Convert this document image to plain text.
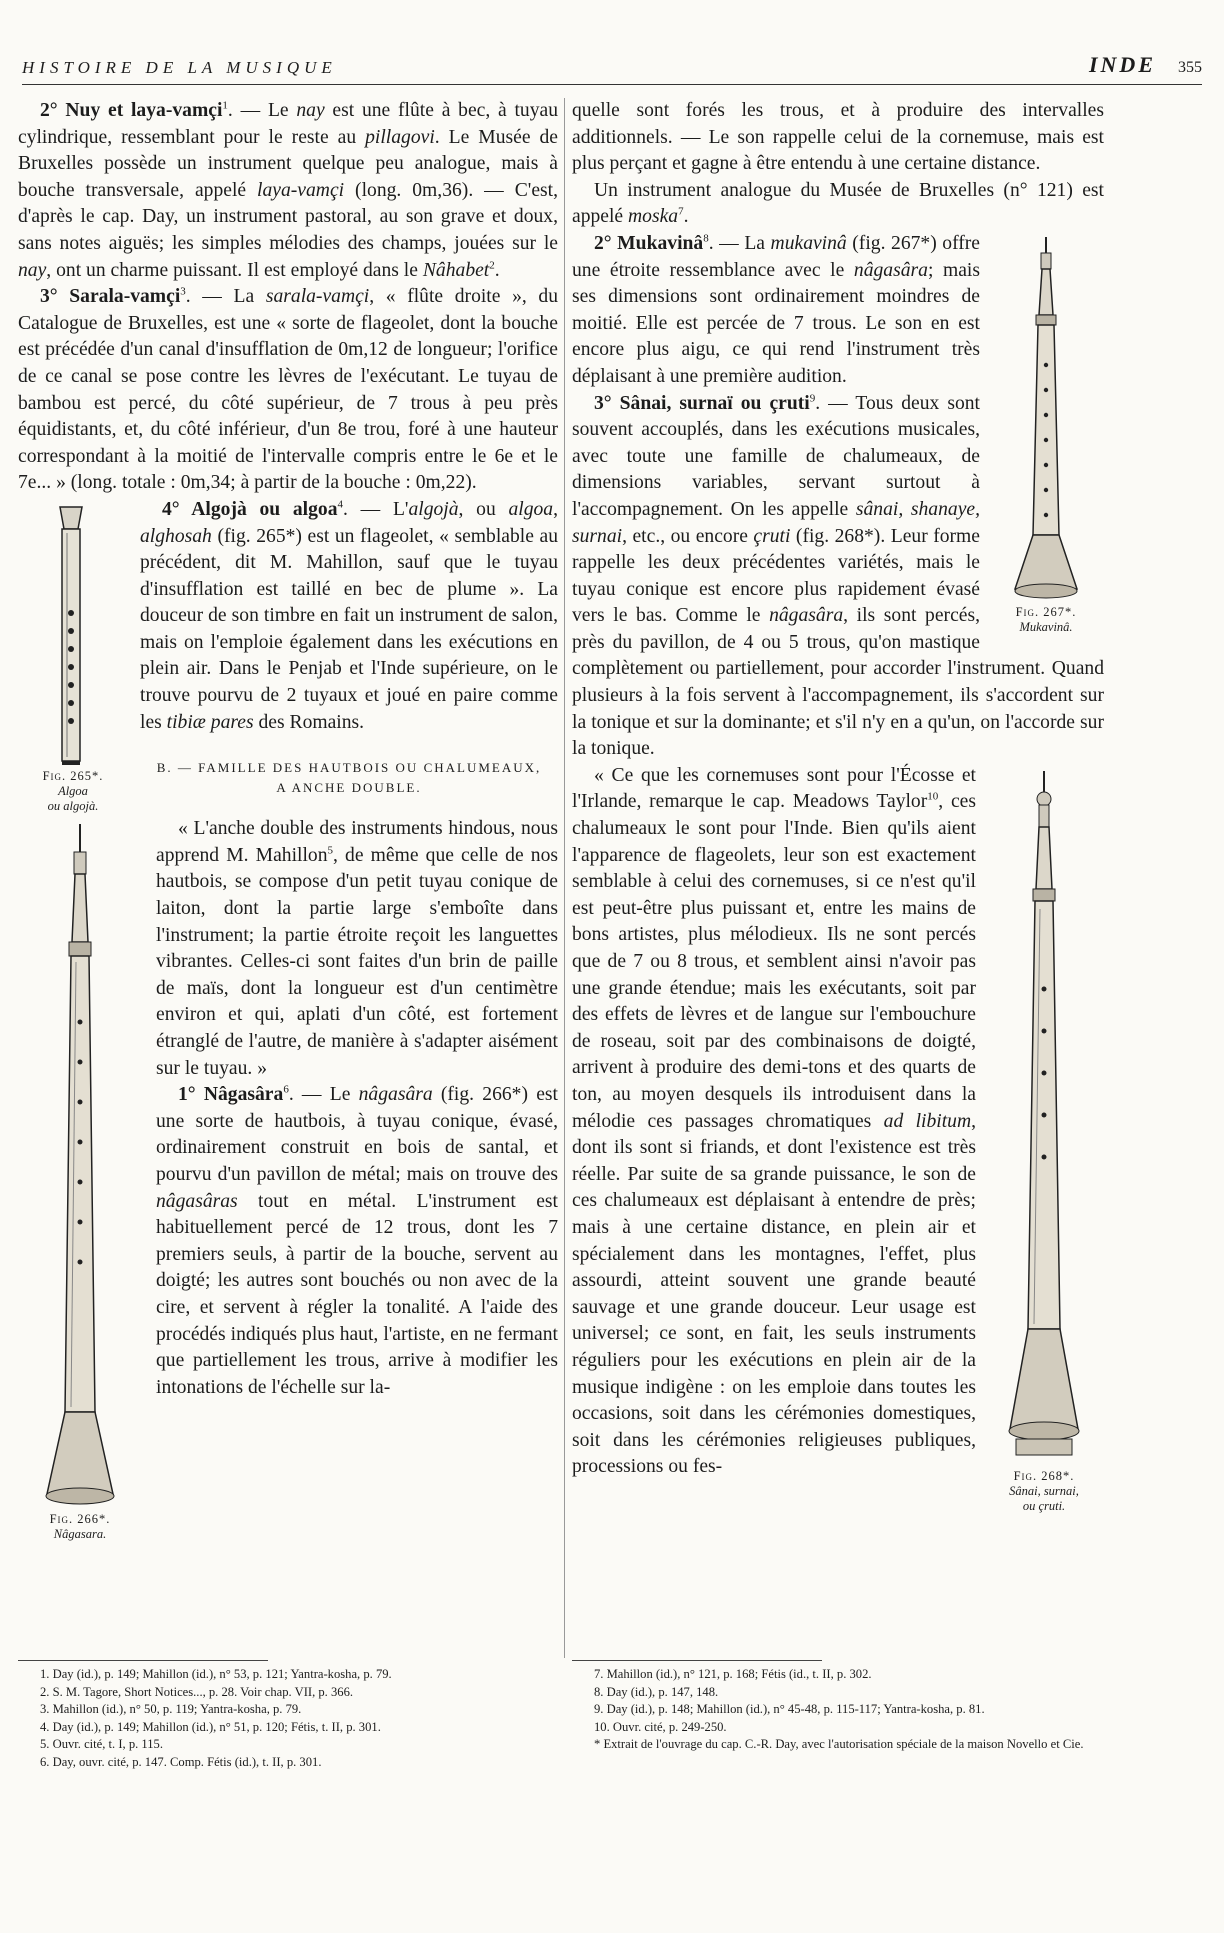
HISTOIRE DE LA MUSIQUE	INDE 355

2° Nuy et laya-vamçi$^1$. — Le nay est une flûte à bec, à tuyau cylindrique, ressemblant pour le reste au pillagovi. Le Musée de Bruxelles possède un instrument quelque peu analogue, mais à bouche transversale, appelé laya-vamçi (long. 0m,36). — C'est, d'après le cap. Day, un instrument pastoral, au son grave et doux, sans notes aiguës; les simples mélodies des champs, jouées sur le nay, ont un charme puissant. Il est employé dans le Nâhabet$^2$.

3° Sarala-vamçi$^3$. — La sarala-vamçi, « flûte droite », du Catalogue de Bruxelles, est une « sorte de flageolet, dont la bouche est précédée d'un canal d'insufflation de 0m,12 de longueur; l'orifice de ce canal se pose contre les lèvres de l'exécutant. Le tuyau de bambou est percé, du côté supérieur, de 7 trous à peu près équidistants, et, du côté inférieur, d'un 8e trou, foré à une hauteur correspondant à la moitié de l'intervalle compris entre le 6e et le 7e... » (long. totale : 0m,34; à partir de la bouche : 0m,22).

Fig. 265*.
Algoa
ou algojà.

4° Algojà ou algoa$^4$. — L'algojà, ou algoa, alghosah (fig. 265*) est un flageolet, « semblable au précédent, dit M. Mahillon, sauf que le tuyau d'insufflation est taillé en bec de plume ». La douceur de son timbre en fait un instrument de salon, mais on l'emploie également dans les exécutions en plein air. Dans le Penjab et l'Inde supérieure, on le trouve pourvu de 2 tuyaux et joué en paire comme les tibiæ pares des Romains.

B. — FAMILLE DES HAUTBOIS OU CHALUMEAUX,
A ANCHE DOUBLE.
Fig. 266*.
Nâgasara.

« L'anche double des instruments hindous, nous apprend M. Mahillon$^5$, de même que celle de nos hautbois, se compose d'un petit tuyau conique de laiton, dont la partie large s'emboîte dans l'instrument; la partie étroite reçoit les languettes vibrantes. Celles-ci sont faites d'un brin de paille de maïs, dont la longueur est d'un centimètre environ et qui, aplati d'un côté, est fortement étranglé de l'autre, de manière à s'adapter aisément sur le tuyau. »

1° Nâgasâra$^6$. — Le nâgasâra (fig. 266*) est une sorte de hautbois, à tuyau conique, évasé, ordinairement construit en bois de santal, et pourvu d'un pavillon de métal; mais on trouve des nâgasâras tout en métal. L'instrument est habituellement percé de 12 trous, dont les 7 premiers seuls, à partir de la bouche, servent au doigté; les autres sont bouchés ou non avec de la cire, et servent à régler la tonalité. A l'aide des procédés indiqués plus haut, l'artiste, en ne fermant que partiellement les trous, arrive à modifier les intonations de l'échelle sur la-

quelle sont forés les trous, et à produire des intervalles additionnels. — Le son rappelle celui de la cornemuse, mais est plus perçant et gagne à être entendu à une certaine distance.

Un instrument analogue du Musée de Bruxelles (n° 121) est appelé moska$^7$.

Fig. 267*.
Mukavinâ.

2° Mukavinâ$^8$. — La mukavinâ (fig. 267*) offre une étroite ressemblance avec le nâgasâra; mais ses dimensions sont ordinairement moindres de moitié. Elle est percée de 7 trous. Le son en est encore plus aigu, ce qui rend l'instrument très déplaisant à une première audition.

3° Sânai, surnaï ou çruti$^9$. — Tous deux sont souvent accouplés, dans les exécutions musicales, avec toute une famille de chalumeaux, de dimensions variables, servant surtout à l'accompagnement. On les appelle sânai, shanaye, surnai, etc., ou encore çruti (fig. 268*). Leur forme rappelle les deux précédentes variétés, mais le tuyau conique est encore plus rapidement évasé vers le bas. Comme le nâgasâra, ils sont percés, près du pavillon, de 4 ou 5 trous, qu'on mastique complètement ou partiellement, pour accorder l'instrument. Quand plusieurs à la fois servent à l'accompagnement, ils s'accordent sur la tonique et sur la dominante; et s'il n'y en a qu'un, on l'accorde sur la tonique.

Fig. 268*.
Sânai, surnai,
ou çruti.

« Ce que les cornemuses sont pour l'Écosse et l'Irlande, remarque le cap. Meadows Taylor$^{10}$, ces chalumeaux le sont pour l'Inde. Bien qu'ils aient l'apparence de flageolets, leur son est exactement semblable à celui des cornemuses, si ce n'est qu'il est peut-être plus puissant et, entre les mains de bons artistes, plus mélodieux. Ils ne sont percés que de 7 ou 8 trous, et semblent ainsi n'avoir pas une grande étendue; mais les exécutants, soit par des effets de lèvres et de langue sur l'embouchure de roseau, soit par des combinaisons de doigté, arrivent à produire des demi-tons et des quarts de ton, au moyen desquels ils introduisent dans la mélodie ces passages chromatiques ad libitum, dont ils sont si friands, et dont l'existence est très réelle. Par suite de sa grande puissance, le son de ces chalumeaux est déplaisant à entendre de près; mais à une certaine distance, en plein air et spécialement dans les montagnes, l'effet, plus assourdi, atteint souvent une grande beauté sauvage et une grande douceur. Leur usage est universel; ce sont, en fait, les seuls instruments réguliers pour les exécutions en plein air de la musique indigène : on les emploie dans toutes les occasions, soit dans les cérémonies domestiques, soit dans les cérémonies religieuses publiques, processions ou fes-

1. Day (id.), p. 149; Mahillon (id.), n° 53, p. 121; Yantra-kosha, p. 79.
2. S. M. Tagore, Short Notices..., p. 28. Voir chap. VII, p. 366.
3. Mahillon (id.), n° 50, p. 119; Yantra-kosha, p. 79.
4. Day (id.), p. 149; Mahillon (id.), n° 51, p. 120; Fétis, t. II, p. 301.
5. Ouvr. cité, t. I, p. 115.
6. Day, ouvr. cité, p. 147. Comp. Fétis (id.), t. II, p. 301.
7. Mahillon (id.), n° 121, p. 168; Fétis (id., t. II, p. 302.
8. Day (id.), p. 147, 148.
9. Day (id.), p. 148; Mahillon (id.), n° 45-48, p. 115-117; Yantra-kosha, p. 81.
10. Ouvr. cité, p. 249-250.
* Extrait de l'ouvrage du cap. C.-R. Day, avec l'autorisation spéciale de la maison Novello et Cie.
